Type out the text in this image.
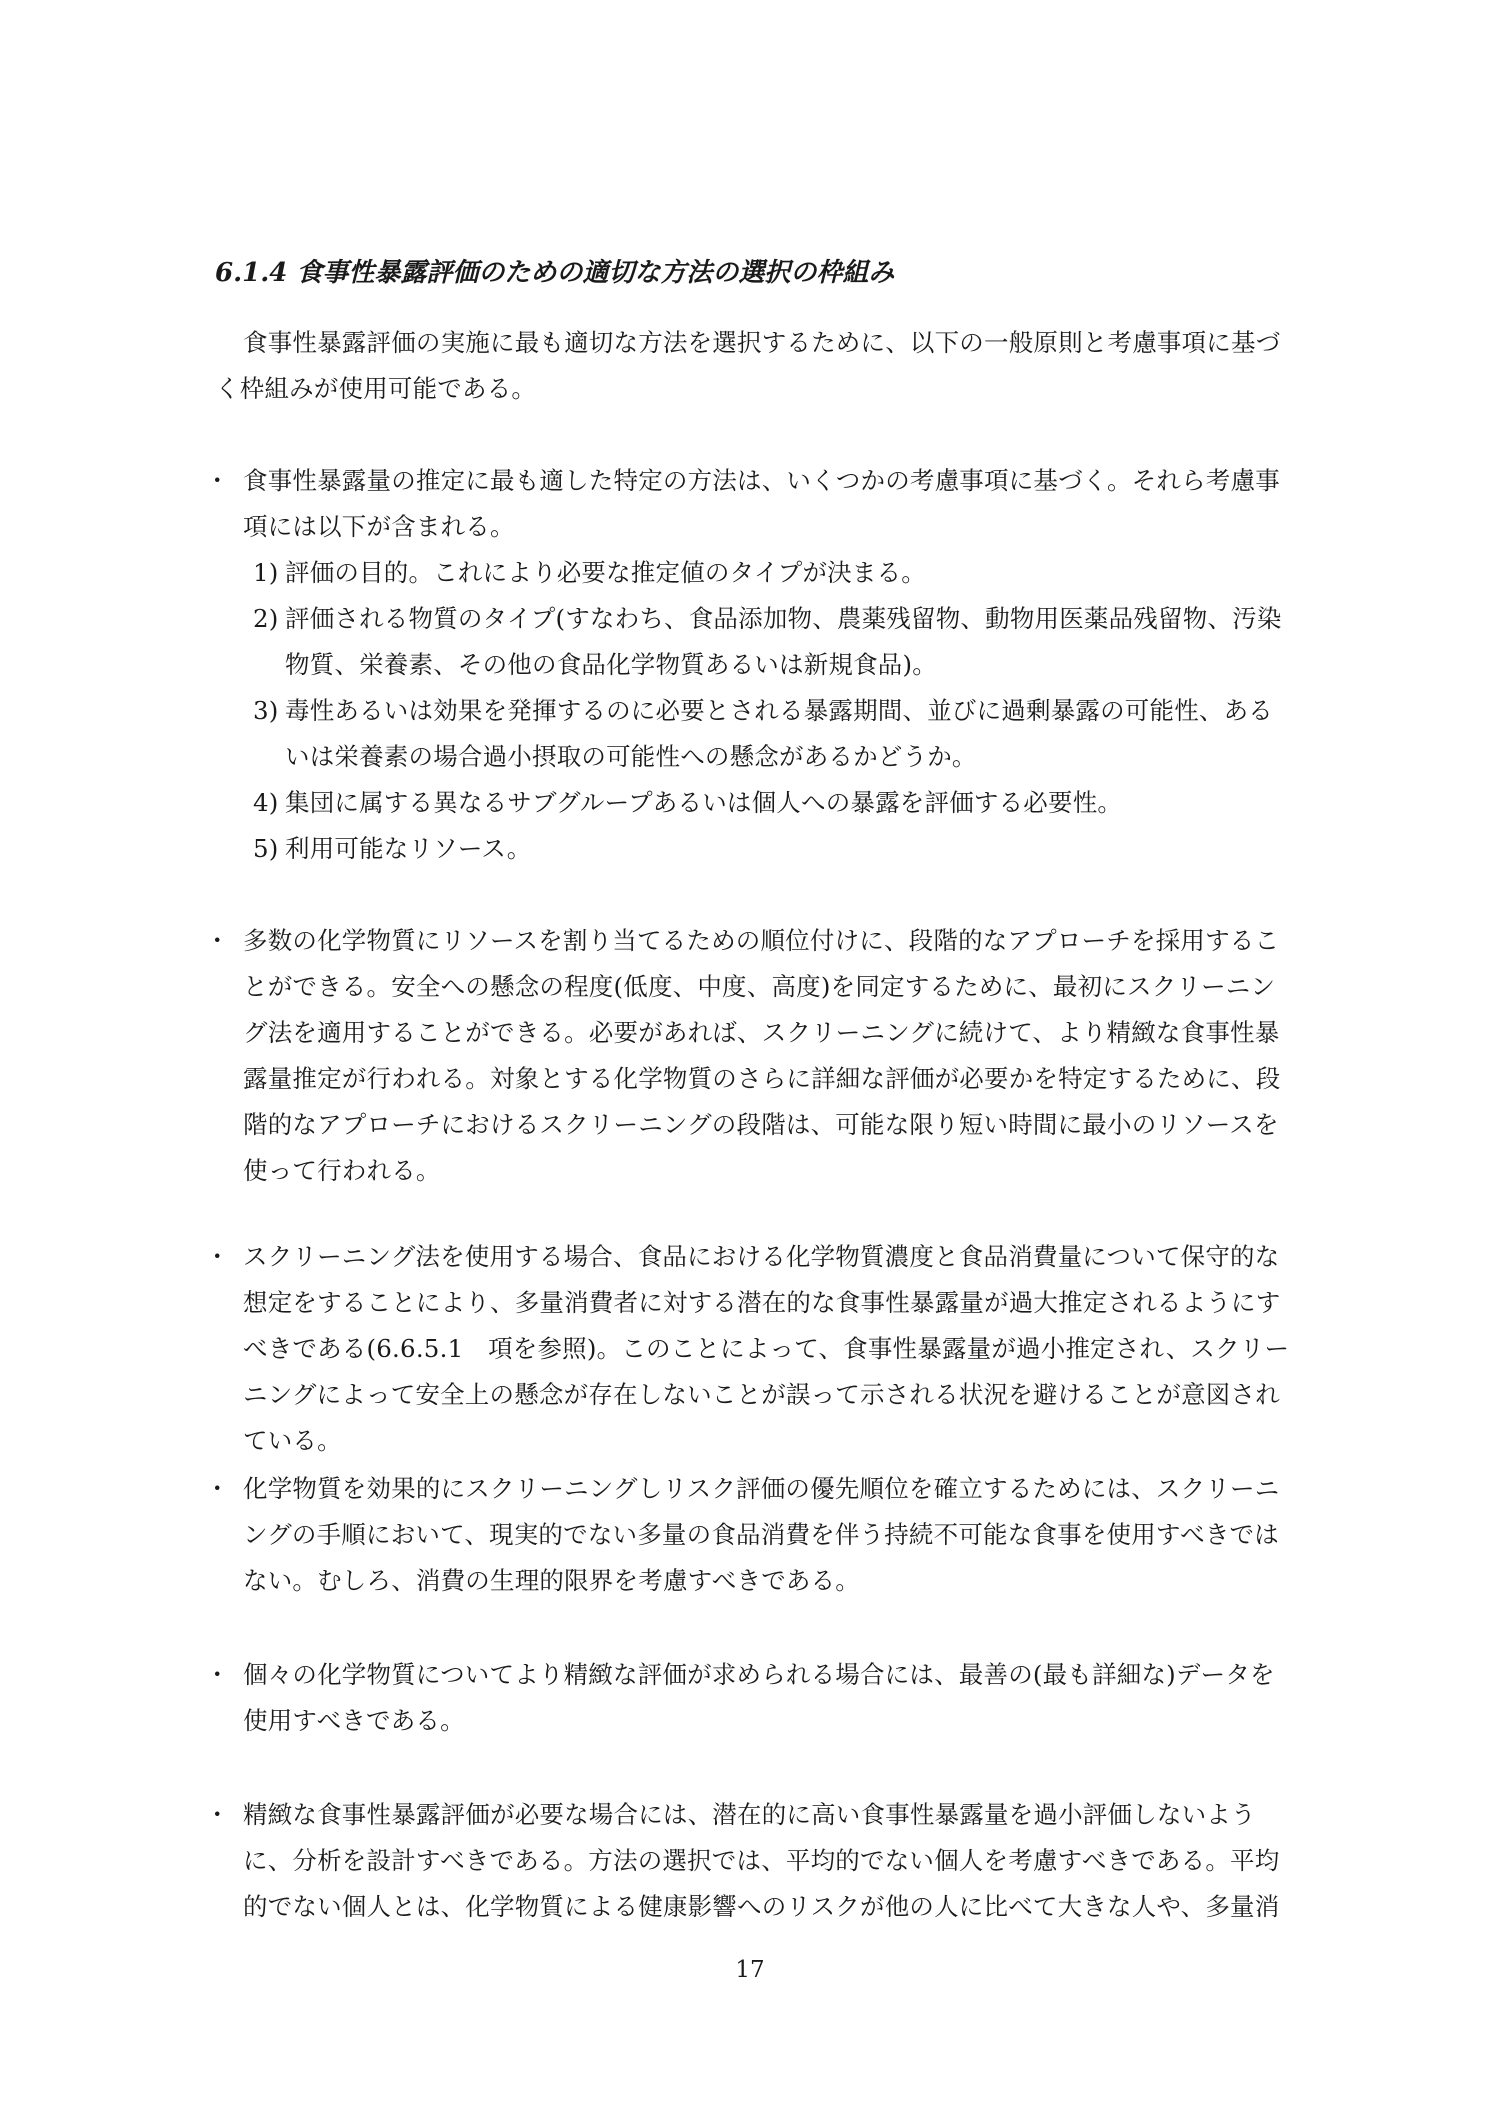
6.1.4 食事性暴露評価のための適切な方法の選択の枠組み
食事性暴露評価の実施に最も適切な方法を選択するために、以下の一般原則と考慮事項に基づく枠組みが使用可能である。
・ 食事性暴露量の推定に最も適した特定の方法は、いくつかの考慮事項に基づく。それら考慮事項には以下が含まれる。
1) 評価の目的。これにより必要な推定値のタイプが決まる。
2) 評価される物質のタイプ(すなわち、食品添加物、農薬残留物、動物用医薬品残留物、汚染物質、栄養素、その他の食品化学物質あるいは新規食品)。
3) 毒性あるいは効果を発揮するのに必要とされる暴露期間、並びに過剰暴露の可能性、あるいは栄養素の場合過小摂取の可能性への懸念があるかどうか。
4) 集団に属する異なるサブグループあるいは個人への暴露を評価する必要性。
5) 利用可能なリソース。
・ 多数の化学物質にリソースを割り当てるための順位付けに、段階的なアプローチを採用することができる。安全への懸念の程度(低度、中度、高度)を同定するために、最初にスクリーニング法を適用することができる。必要があれば、スクリーニングに続けて、より精緻な食事性暴露量推定が行われる。対象とする化学物質のさらに詳細な評価が必要かを特定するために、段階的なアプローチにおけるスクリーニングの段階は、可能な限り短い時間に最小のリソースを使って行われる。
・ スクリーニング法を使用する場合、食品における化学物質濃度と食品消費量について保守的な想定をすることにより、多量消費者に対する潜在的な食事性暴露量が過大推定されるようにすべきである(6.6.5.1　項を参照)。このことによって、食事性暴露量が過小推定され、スクリーニングによって安全上の懸念が存在しないことが誤って示される状況を避けることが意図されている。
・ 化学物質を効果的にスクリーニングしリスク評価の優先順位を確立するためには、スクリーニングの手順において、現実的でない多量の食品消費を伴う持続不可能な食事を使用すべきではない。むしろ、消費の生理的限界を考慮すべきである。
・ 個々の化学物質についてより精緻な評価が求められる場合には、最善の(最も詳細な)データを使用すべきである。
・ 精緻な食事性暴露評価が必要な場合には、潜在的に高い食事性暴露量を過小評価しないように、分析を設計すべきである。方法の選択では、平均的でない個人を考慮すべきである。平均的でない個人とは、化学物質による健康影響へのリスクが他の人に比べて大きな人や、多量消
17
